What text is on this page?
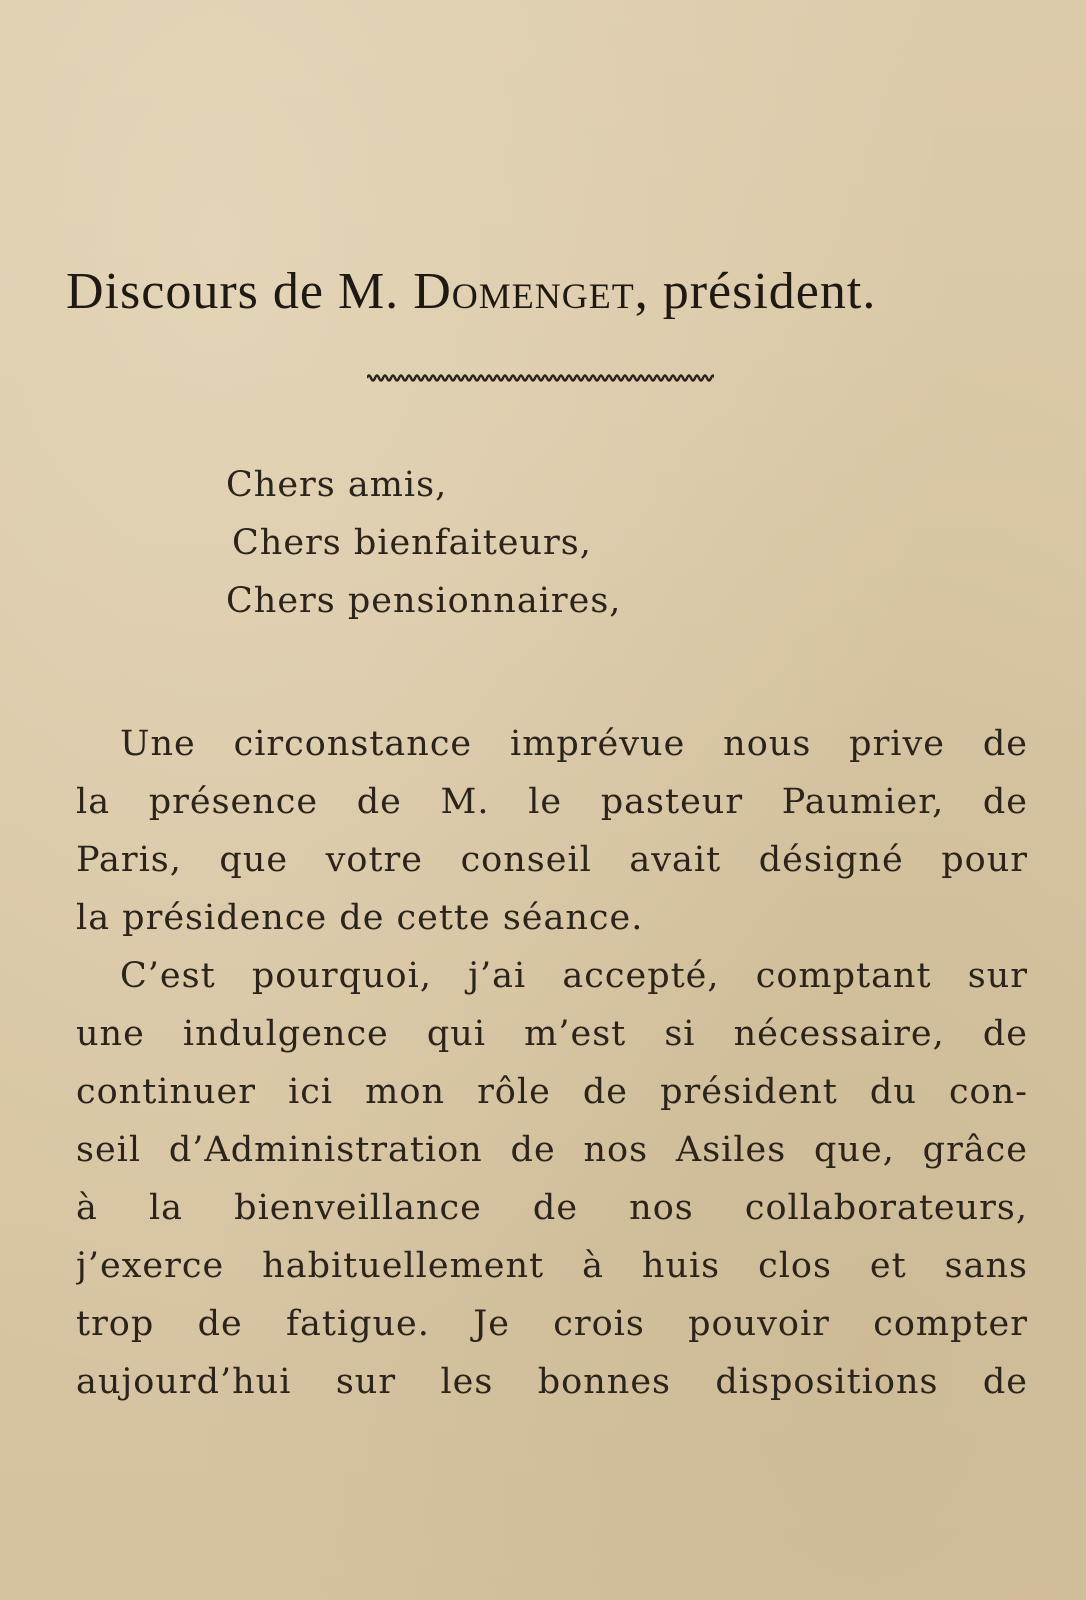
Discours de M. Domenget, président.
Chers amis,
Chers bienfaiteurs,
Chers pensionnaires,
Une circonstance imprévue nous prive de
la présence de M. le pasteur Paumier, de
Paris, que votre conseil avait désigné pour
la présidence de cette séance.
C’est pourquoi, j’ai accepté, comptant sur
une indulgence qui m’est si nécessaire, de
continuer ici mon rôle de président du con-
seil d’Administration de nos Asiles que, grâce
à la bienveillance de nos collaborateurs,
j’exerce habituellement à huis clos et sans
trop de fatigue. Je crois pouvoir compter
aujourd’hui sur les bonnes dispositions de
